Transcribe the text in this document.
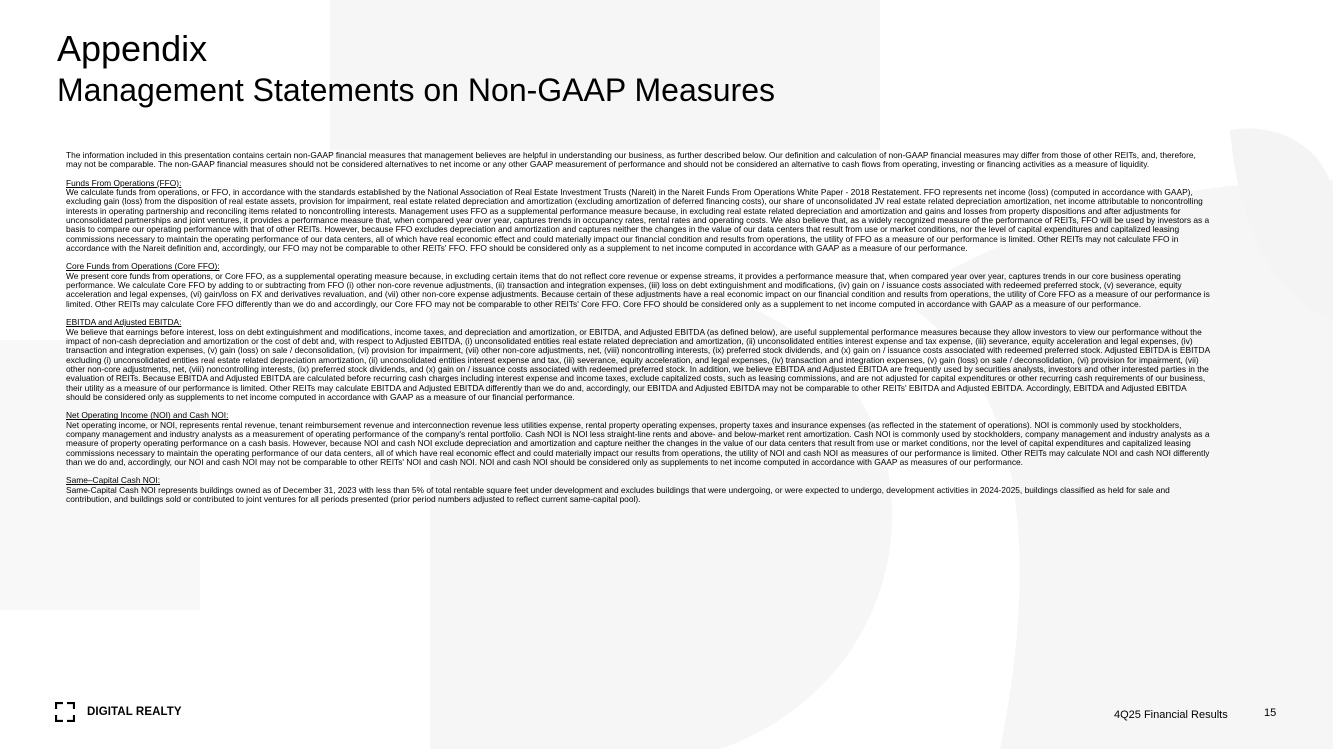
Appendix
Management Statements on Non-GAAP Measures

The information included in this presentation contains certain non-GAAP financial measures that management believes are helpful in understanding our business, as further described below. Our definition and calculation of non-GAAP financial measures may differ from those of other REITs, and, therefore, may not be comparable. The non-GAAP financial measures should not be considered alternatives to net income or any other GAAP measurement of performance and should not be considered an alternative to cash flows from operating, investing or financing activities as a measure of liquidity.

Funds From Operations (FFO):

We calculate funds from operations, or FFO, in accordance with the standards established by the National Association of Real Estate Investment Trusts (Nareit) in the Nareit Funds From Operations White Paper - 2018 Restatement. FFO represents net income (loss) (computed in accordance with GAAP), excluding gain (loss) from the disposition of real estate assets, provision for impairment, real estate related depreciation and amortization (excluding amortization of deferred financing costs), our share of unconsolidated JV real estate related depreciation amortization, net income attributable to noncontrolling interests in operating partnership and reconciling items related to noncontrolling interests. Management uses FFO as a supplemental performance measure because, in excluding real estate related depreciation and amortization and gains and losses from property dispositions and after adjustments for unconsolidated partnerships and joint ventures, it provides a performance measure that, when compared year over year, captures trends in occupancy rates, rental rates and operating costs. We also believe that, as a widely recognized measure of the performance of REITs, FFO will be used by investors as a basis to compare our operating performance with that of other REITs. However, because FFO excludes depreciation and amortization and captures neither the changes in the value of our data centers that result from use or market conditions, nor the level of capital expenditures and capitalized leasing commissions necessary to maintain the operating performance of our data centers, all of which have real economic effect and could materially impact our financial condition and results from operations, the utility of FFO as a measure of our performance is limited. Other REITs may not calculate FFO in accordance with the Nareit definition and, accordingly, our FFO may not be comparable to other REITs' FFO. FFO should be considered only as a supplement to net income computed in accordance with GAAP as a measure of our performance.

Core Funds from Operations (Core FFO):

We present core funds from operations, or Core FFO, as a supplemental operating measure because, in excluding certain items that do not reflect core revenue or expense streams, it provides a performance measure that, when compared year over year, captures trends in our core business operating performance. We calculate Core FFO by adding to or subtracting from FFO (i) other non-core revenue adjustments, (ii) transaction and integration expenses, (iii) loss on debt extinguishment and modifications, (iv) gain on / issuance costs associated with redeemed preferred stock, (v) severance, equity acceleration and legal expenses, (vi) gain/loss on FX and derivatives revaluation, and (vii) other non-core expense adjustments. Because certain of these adjustments have a real economic impact on our financial condition and results from operations, the utility of Core FFO as a measure of our performance is limited. Other REITs may calculate Core FFO differently than we do and accordingly, our Core FFO may not be comparable to other REITs' Core FFO. Core FFO should be considered only as a supplement to net income computed in accordance with GAAP as a measure of our performance.

EBITDA and Adjusted EBITDA:

We believe that earnings before interest, loss on debt extinguishment and modifications, income taxes, and depreciation and amortization, or EBITDA, and Adjusted EBITDA (as defined below), are useful supplemental performance measures because they allow investors to view our performance without the impact of non-cash depreciation and amortization or the cost of debt and, with respect to Adjusted EBITDA, (i) unconsolidated entities real estate related depreciation and amortization, (ii) unconsolidated entities interest expense and tax expense, (iii) severance, equity acceleration and legal expenses, (iv) transaction and integration expenses, (v) gain (loss) on sale / deconsolidation, (vi) provision for impairment, (vii) other non-core adjustments, net, (viii) noncontrolling interests, (ix) preferred stock dividends, and (x) gain on / issuance costs associated with redeemed preferred stock. Adjusted EBITDA is EBITDA excluding (i) unconsolidated entities real estate related depreciation amortization, (ii) unconsolidated entities interest expense and tax, (iii) severance, equity acceleration, and legal expenses, (iv) transaction and integration expenses, (v) gain (loss) on sale / deconsolidation, (vi) provision for impairment, (vii) other non-core adjustments, net, (viii) noncontrolling interests, (ix) preferred stock dividends, and (x) gain on / issuance costs associated with redeemed preferred stock. In addition, we believe EBITDA and Adjusted EBITDA are frequently used by securities analysts, investors and other interested parties in the evaluation of REITs. Because EBITDA and Adjusted EBITDA are calculated before recurring cash charges including interest expense and income taxes, exclude capitalized costs, such as leasing commissions, and are not adjusted for capital expenditures or other recurring cash requirements of our business, their utility as a measure of our performance is limited. Other REITs may calculate EBITDA and Adjusted EBITDA differently than we do and, accordingly, our EBITDA and Adjusted EBITDA may not be comparable to other REITs' EBITDA and Adjusted EBITDA. Accordingly, EBITDA and Adjusted EBITDA should be considered only as supplements to net income computed in accordance with GAAP as a measure of our financial performance.

Net Operating Income (NOI) and Cash NOI:

Net operating income, or NOI, represents rental revenue, tenant reimbursement revenue and interconnection revenue less utilities expense, rental property operating expenses, property taxes and insurance expenses (as reflected in the statement of operations). NOI is commonly used by stockholders, company management and industry analysts as a measurement of operating performance of the company's rental portfolio. Cash NOI is NOI less straight-line rents and above- and below-market rent amortization. Cash NOI is commonly used by stockholders, company management and industry analysts as a measure of property operating performance on a cash basis. However, because NOI and cash NOI exclude depreciation and amortization and capture neither the changes in the value of our data centers that result from use or market conditions, nor the level of capital expenditures and capitalized leasing commissions necessary to maintain the operating performance of our data centers, all of which have real economic effect and could materially impact our results from operations, the utility of NOI and cash NOI as measures of our performance is limited. Other REITs may calculate NOI and cash NOI differently than we do and, accordingly, our NOI and cash NOI may not be comparable to other REITs' NOI and cash NOI. NOI and cash NOI should be considered only as supplements to net income computed in accordance with GAAP as measures of our performance.

Same–Capital Cash NOI:

Same-Capital Cash NOI represents buildings owned as of December 31, 2023 with less than 5% of total rentable square feet under development and excludes buildings that were undergoing, or were expected to undergo, development activities in 2024-2025, buildings classified as held for sale and contribution, and buildings sold or contributed to joint ventures for all periods presented (prior period numbers adjusted to reflect current same-capital pool).

DIGITAL REALTY	4Q25 Financial Results	15
